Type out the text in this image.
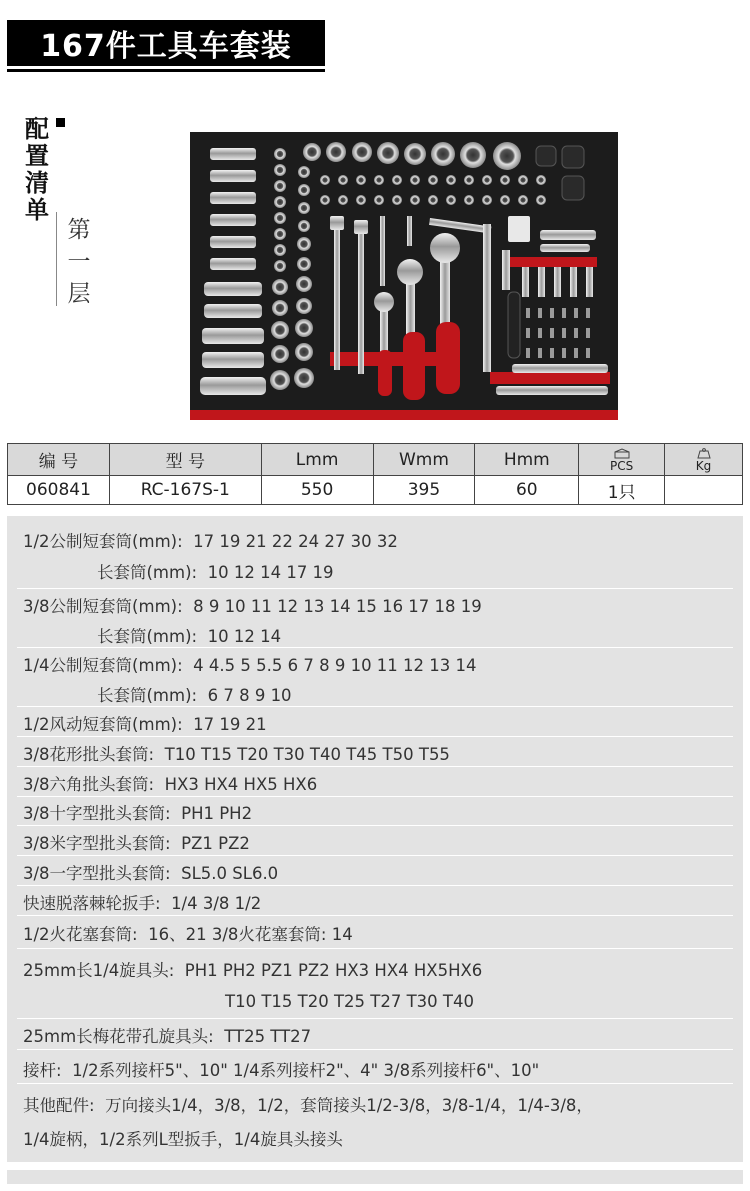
167件工具车套装
配
置
清
单
第
一
层
编 号	型 号	Lmm	Wmm	Hmm	PCS	Kg
060841	RC-167S-1	550	395	60	1只	
1/2公制短套筒(mm): 17 19 21 22 24 27 30 32
长套筒(mm): 10 12 14 17 19
3/8公制短套筒(mm): 8 9 10 11 12 13 14 15 16 17 18 19
长套筒(mm): 10 12 14
1/4公制短套筒(mm): 4 4.5 5 5.5 6 7 8 9 10 11 12 13 14
长套筒(mm): 6 7 8 9 10
1/2风动短套筒(mm): 17 19 21
3/8花形批头套筒: T10 T15 T20 T30 T40 T45 T50 T55
3/8六角批头套筒: HX3 HX4 HX5 HX6
3/8十字型批头套筒: PH1 PH2
3/8米字型批头套筒: PZ1 PZ2
3/8一字型批头套筒: SL5.0 SL6.0
快速脱落棘轮扳手: 1/4 3/8 1/2
1/2火花塞套筒: 16、21 3/8火花塞套筒: 14
25mm长1/4旋具头: PH1 PH2 PZ1 PZ2 HX3 HX4 HX5HX6
T10 T15 T20 T25 T27 T30 T40
25mm长梅花带孔旋具头: TT25 TT27
接杆: 1/2系列接杆5"、10" 1/4系列接杆2"、4" 3/8系列接杆6"、10"
其他配件: 万向接头1/4，3/8，1/2，套筒接头1/2-3/8，3/8-1/4，1/4-3/8，
1/4旋柄，1/2系列L型扳手，1/4旋具头接头
